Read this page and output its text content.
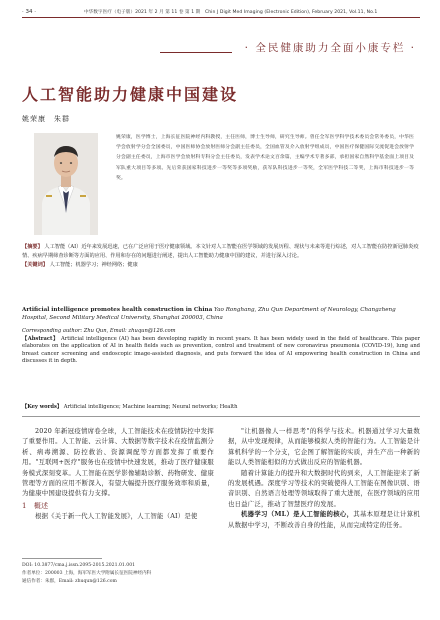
· 34 ·	中华数字医疗（电子版）2021 年 2 月 第 11 卷 第 1 期　Chin J Digit Med Imaging (Electronic Edition), February 2021, Vol.11, No.1
· 全民健康助力全面小康专栏 ·
人工智能助力健康中国建设
姚荣康　朱群
姚荣康，医学博士，上海长征医院神经内科教授，主任医师，博士生导师，研究生导师。曾任全军医学科学技术委员会常务委员，中华医学会放射学分会全国委员，中国医师协会放射医师分会副主任委员，全国血管及介入放射学组成员，中国医疗保健国际交流促进会放射学分会副主任委员，上海市医学会放射科专科分会主任委员，发表学术论文百余篇，主编学术专著多部，承担国家自然科学基金面上项目及军队重大项目等多项。先后荣获国家科技进步一等奖等多项奖励，获军队科技进步一等奖，全军医学科技二等奖，上海市科技进步一等奖。
【摘要】 人工智能（AI）近年来发展迅速，已在广泛应用于医疗健康领域。本文针对人工智能在医学领域的发展历程、现状与未来等进行综述，对人工智能在防控新冠肺炎疫情、疾病早期筛查诊断等方面的应用、作用和存在的问题进行阐述，提出人工智能助力健康中国的建议，并进行深入讨论。
【关键词】 人工智能；机器学习；神经网络；健康
Artificial intelligence promotes health construction in China Yao Ronghang, Zhu Qun Department of Neurology, Changzheng Hospital, Second Military Medical University, Shanghai 200003, China
Corresponding author: Zhu Qun, Email: zhuqun@126.com
【Abstract】 Artificial intelligence (AI) has been developing rapidly in recent years. It has been widely used in the field of healthcare. This paper elaborates on the application of AI in health fields such as prevention, control and treatment of new coronavirus pneumonia (COVID-19), lung and breast cancer screening and endoscopic image-assisted diagnosis, and puts forward the idea of AI empowering health construction in China and discusses it in depth.
【Key words】 Artificial intelligence; Machine learning; Neural networks; Health

2020 年新冠疫情席卷全球，人工智能技术在疫情防控中发挥了重要作用。人工智能、云计算、大数据等数字技术在疫情监测分析、病毒溯源、防控救治、资源调配等方面都发挥了重要作用。"互联网+医疗"服务也在疫情中快速发展，推动了医疗健康服务模式深刻变革。人工智能在医学影像辅助诊断、药物研发、健康管理等方面的应用不断深入，有望大幅提升医疗服务效率和质量，为健康中国建设提供有力支撑。

1　概述

根据《关于新一代人工智能发展》，人工智能（AI）是使

"让机器像人一样思考"的科学与技术。机器通过学习大量数据，从中发现规律，从而能够模拟人类的智能行为。人工智能是计算机科学的一个分支，它企图了解智能的实质，并生产出一种新的能以人类智能相似的方式做出反应的智能机器。

随着计算能力的提升和大数据时代的到来，人工智能迎来了新的发展机遇。深度学习等技术的突破使得人工智能在图像识别、语音识别、自然语言处理等领域取得了重大进展，在医疗领域的应用也日益广泛，推动了智慧医疗的发展。

机器学习（ML）是人工智能的核心，其基本原理是让计算机从数据中学习，不断改善自身的性能，从而完成特定的任务。

DOI: 10.3877/cma.j.issn.2095-2015.2021.01.001
作者单位：200003 上海，海军军医大学附属长征医院神经内科
通信作者：朱群，Email: zhuqun@126.com
